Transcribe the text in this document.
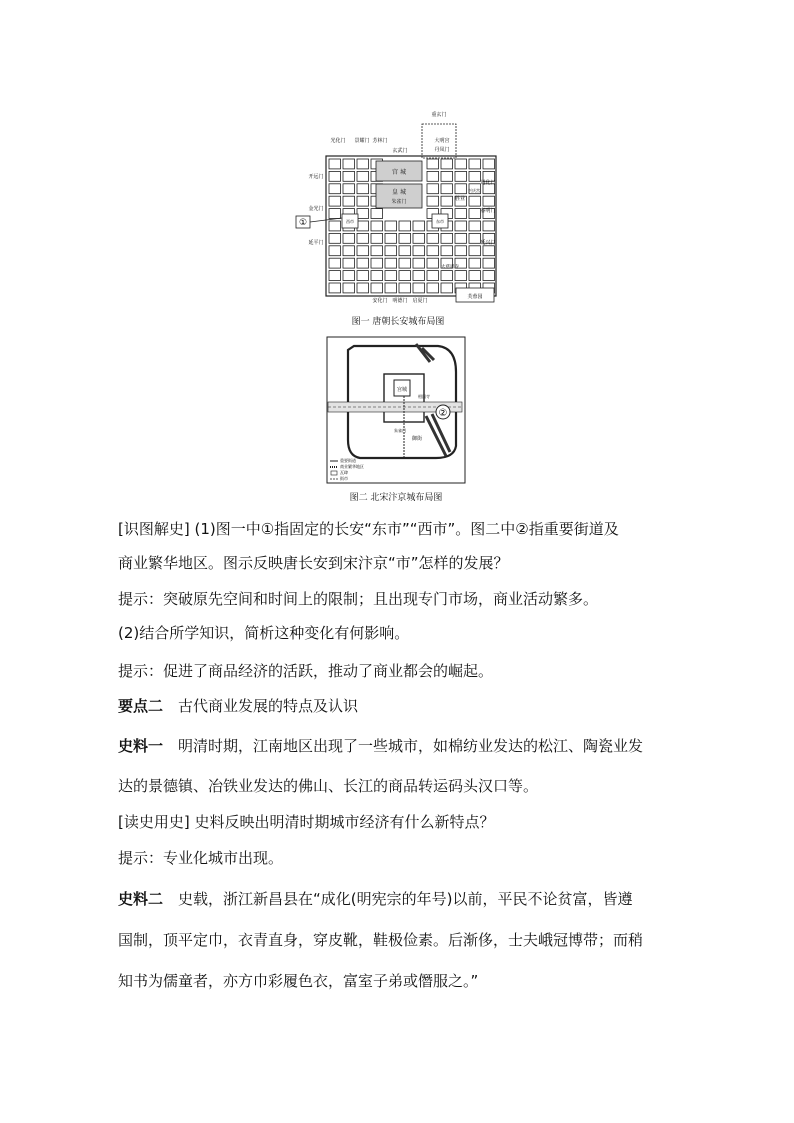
宫 城
皇 城
朱雀门
重玄门
大明宫
丹凤门
光化门 景耀门 芳林门
玄武门
开远门
金光门
延平门
通化门
春明门
延兴门
安化门 明德门 启夏门
西市	东市
胜业
兴庆宫
大慈恩寺
芙蓉园
①
图一 唐朝长安城布局图
宫城
御街
相国寺
朱雀门
②
重要街道
商业繁华地区
瓦肆
街市
图二 北宋汴京城布局图
[识图解史] (1)图一中①指固定的长安“东市”“西市”。图二中②指重要街道及
商业繁华地区。图示反映唐长安到宋汴京“市”怎样的发展？
提示：突破原先空间和时间上的限制；且出现专门市场，商业活动繁多。
(2)结合所学知识，简析这种变化有何影响。
提示：促进了商品经济的活跃，推动了商业都会的崛起。
要点二　古代商业发展的特点及认识
史料一　明清时期，江南地区出现了一些城市，如棉纺业发达的松江、陶瓷业发
达的景德镇、冶铁业发达的佛山、长江的商品转运码头汉口等。
[读史用史] 史料反映出明清时期城市经济有什么新特点？
提示：专业化城市出现。
史料二　史载，浙江新昌县在“成化(明宪宗的年号)以前，平民不论贫富，皆遵
国制，顶平定巾，衣青直身，穿皮靴，鞋极俭素。后渐侈，士夫峨冠博带；而稍
知书为儒童者，亦方巾彩履色衣，富室子弟或僭服之。”
